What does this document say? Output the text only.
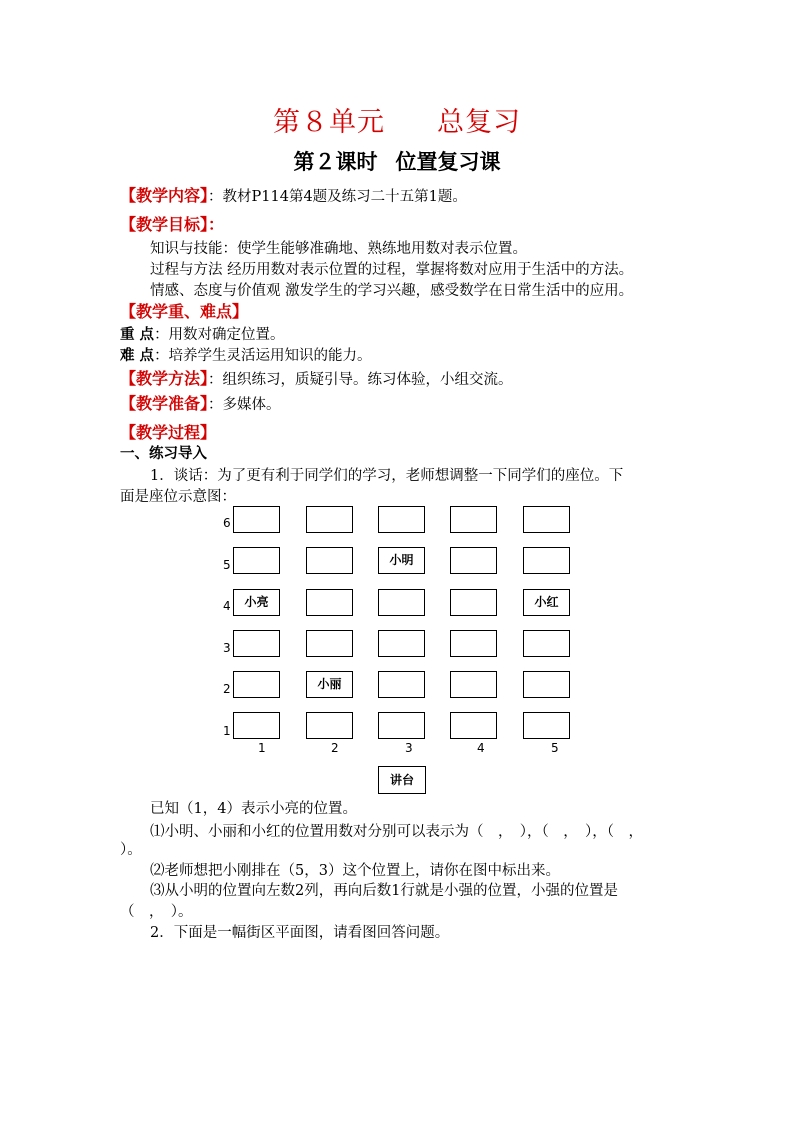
第８单元 总复习
第２课时 位置复习课
【教学内容】：教材P114第4题及练习二十五第1题。
【教学目标】：
知识与技能：使学生能够准确地、熟练地用数对表示位置。
过程与方法 经历用数对表示位置的过程，掌握将数对应用于生活中的方法。
情感、态度与价值观 激发学生的学习兴趣，感受数学在日常生活中的应用。
【教学重、难点】
重 点：用数对确定位置。
难 点：培养学生灵活运用知识的能力。
【教学方法】：组织练习，质疑引导。练习体验，小组交流。
【教学准备】：多媒体。
【教学过程】
一、练习导入
1．谈话：为了更有利于同学们的学习，老师想调整一下同学们的座位。下
面是座位示意图：
6
5
4
3
2
1
小明
小亮	小红
小丽
1	2	3	4	5
讲台
已知（1，4）表示小亮的位置。
⑴小明、小丽和小红的位置用数对分别可以表示为（　，　），（　，　），（　，
）。
⑵老师想把小刚排在（5，3）这个位置上，请你在图中标出来。
⑶从小明的位置向左数2列，再向后数1行就是小强的位置，小强的位置是
（　，　）。
2．下面是一幅街区平面图，请看图回答问题。
